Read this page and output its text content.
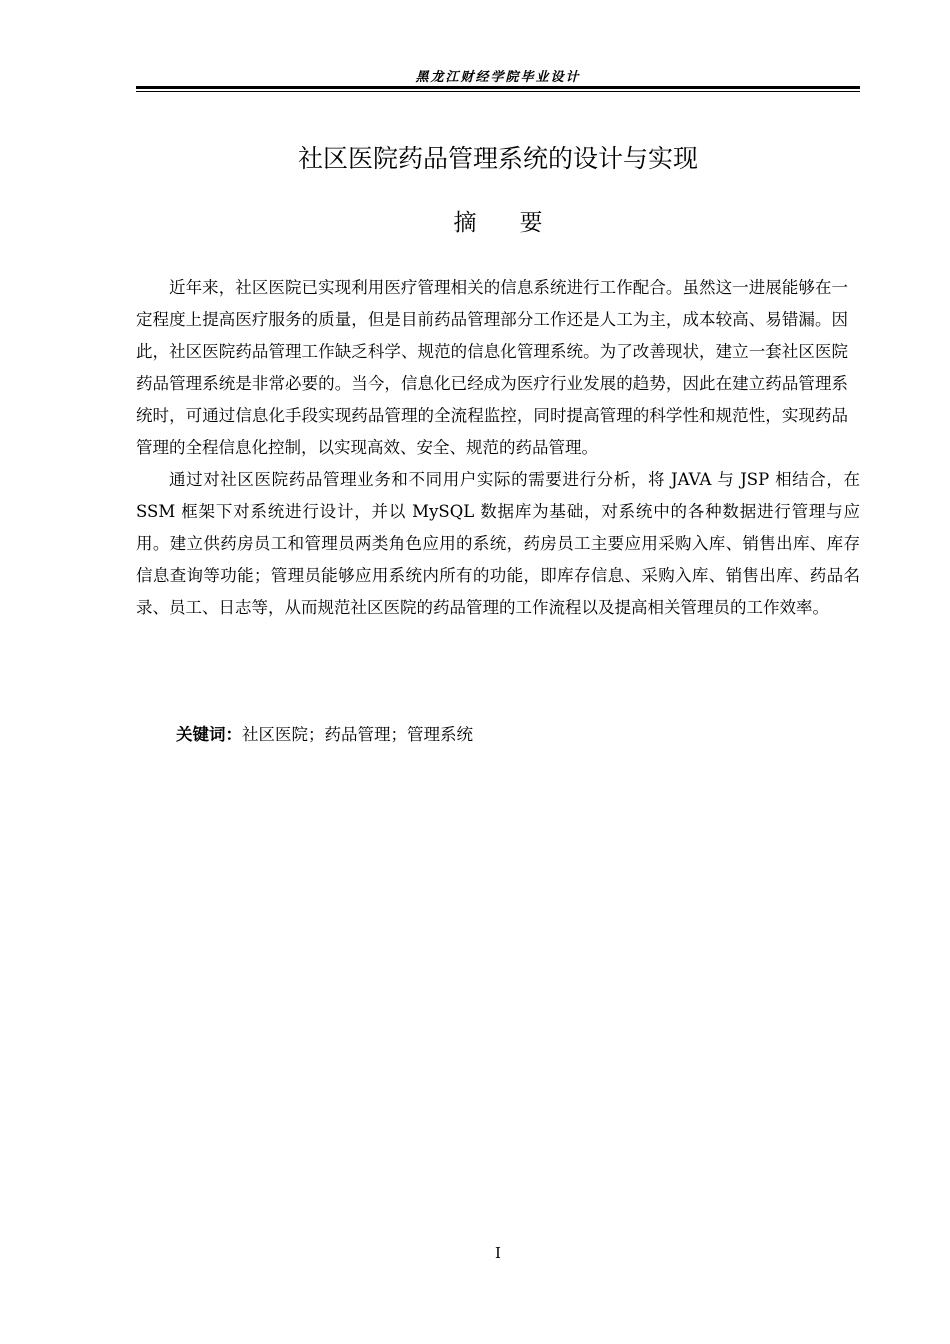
黑龙江财经学院毕业设计
社区医院药品管理系统的设计与实现
摘要

近年来，社区医院已实现利用医疗管理相关的信息系统进行工作配合。虽然这一进展能够在一定程度上提高医疗服务的质量，但是目前药品管理部分工作还是人工为主，成本较高、易错漏。因此，社区医院药品管理工作缺乏科学、规范的信息化管理系统。为了改善现状，建立一套社区医院药品管理系统是非常必要的。当今，信息化已经成为医疗行业发展的趋势，因此在建立药品管理系统时，可通过信息化手段实现药品管理的全流程监控，同时提高管理的科学性和规范性，实现药品管理的全程信息化控制，以实现高效、安全、规范的药品管理。

通过对社区医院药品管理业务和不同用户实际的需要进行分析，将 JAVA 与 JSP 相结合，在 SSM 框架下对系统进行设计，并以 MySQL 数据库为基础，对系统中的各种数据进行管理与应用。建立供药房员工和管理员两类角色应用的系统，药房员工主要应用采购入库、销售出库、库存信息查询等功能；管理员能够应用系统内所有的功能，即库存信息、采购入库、销售出库、药品名录、员工、日志等，从而规范社区医院的药品管理的工作流程以及提高相关管理员的工作效率。

关键词：社区医院；药品管理；管理系统
I
